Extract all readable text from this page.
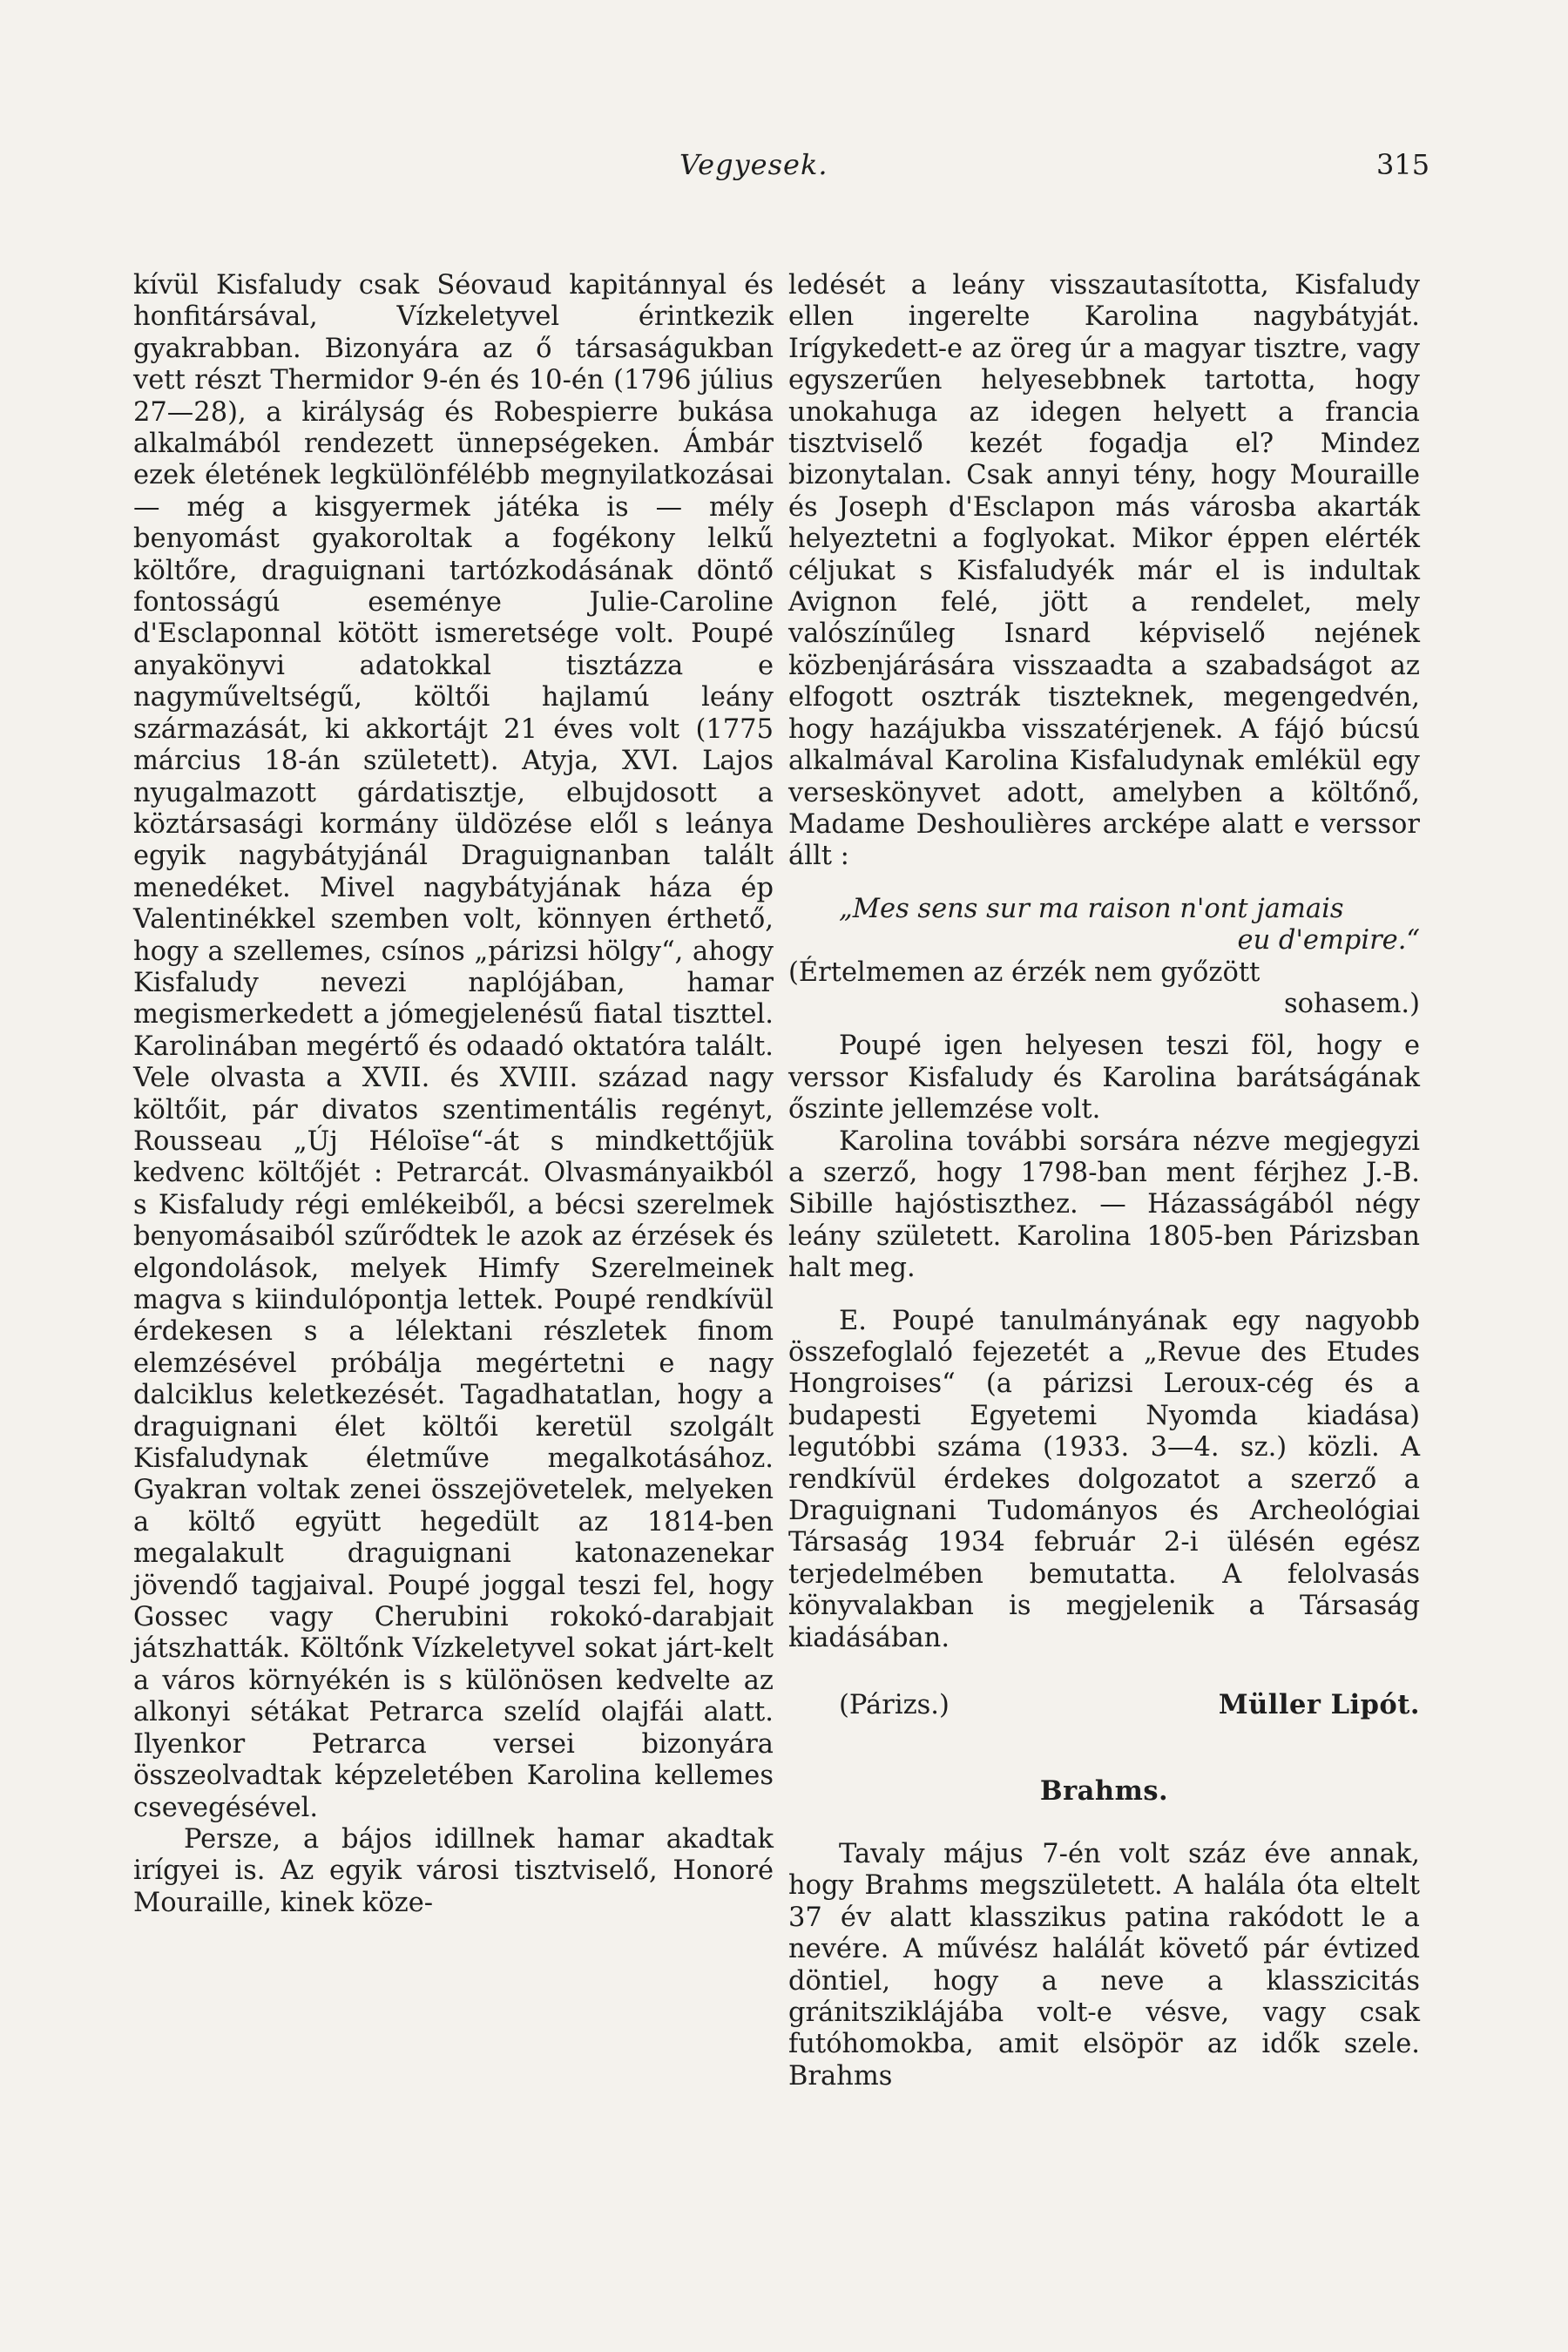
Vegyesek.	315

kívül Kisfaludy csak Séovaud kapitánnyal és honfitársával, Vízkeletyvel érintkezik gyakrabban. Bizonyára az ő társaságukban vett részt Thermidor 9-én és 10-én (1796 július 27—28), a királyság és Robespierre bukása alkalmából rendezett ünnepségeken. Ámbár ezek életének legkülönfélébb megnyilatkozásai — még a kisgyermek játéka is — mély benyomást gyakoroltak a fogékony lelkű költőre, draguignani tartózkodásának döntő fontosságú eseménye Julie-Caroline d'Esclaponnal kötött ismeretsége volt. Poupé anyakönyvi adatokkal tisztázza e nagyműveltségű, költői hajlamú leány származását, ki akkortájt 21 éves volt (1775 március 18-án született). Atyja, XVI. Lajos nyugalmazott gárdatisztje, elbujdosott a köztársasági kormány üldözése elől s leánya egyik nagybátyjánál Draguignanban talált menedéket. Mivel nagybátyjának háza ép Valentinékkel szemben volt, könnyen érthető, hogy a szellemes, csínos „párizsi hölgy“, ahogy Kisfaludy nevezi naplójában, hamar megismerkedett a jómegjelenésű fiatal tiszttel. Karolinában megértő és odaadó oktatóra talált. Vele olvasta a XVII. és XVIII. század nagy költőit, pár divatos szentimentális regényt, Rousseau „Új Héloïse“-át s mindkettőjük kedvenc költőjét : Petrarcát. Olvasmányaikból s Kisfaludy régi emlékeiből, a bécsi szerelmek benyomásaiból szűrődtek le azok az érzések és elgondolások, melyek Himfy Szerelmeinek magva s kiindulópontja lettek. Poupé rendkívül érdekesen s a lélektani részletek finom elemzésével próbálja megértetni e nagy dalciklus keletkezését. Tagadhatatlan, hogy a draguignani élet költői keretül szolgált Kisfaludynak életműve megalkotásához. Gyakran voltak zenei összejövetelek, melyeken a költő együtt hegedült az 1814-ben megalakult draguignani katonazenekar jövendő tagjaival. Poupé joggal teszi fel, hogy Gossec vagy Cherubini rokokó-darabjait játszhatták. Költőnk Vízkeletyvel sokat járt-kelt a város környékén is s különösen kedvelte az alkonyi sétákat Petrarca szelíd olajfái alatt. Ilyenkor Petrarca versei bizonyára összeolvadtak képzeletében Karolina kellemes csevegésével.

Persze, a bájos idillnek hamar akadtak irígyei is. Az egyik városi tisztviselő, Honoré Mouraille, kinek köze-

ledését a leány visszautasította, Kisfaludy ellen ingerelte Karolina nagybátyját. Irígykedett-e az öreg úr a magyar tisztre, vagy egyszerűen helyesebbnek tartotta, hogy unokahuga az idegen helyett a francia tisztviselő kezét fogadja el? Mindez bizonytalan. Csak annyi tény, hogy Mouraille és Joseph d'Esclapon más városba akarták helyeztetni a foglyokat. Mikor éppen elérték céljukat s Kisfaludyék már el is indultak Avignon felé, jött a rendelet, mely valószínűleg Isnard képviselő nejének közbenjárására visszaadta a szabadságot az elfogott osztrák tiszteknek, megengedvén, hogy hazájukba visszatérjenek. A fájó búcsú alkalmával Karolina Kisfaludynak emlékül egy verseskönyvet adott, amelyben a költőnő, Madame Deshoulières arcképe alatt e verssor állt :

„Mes sens sur ma raison n'ont jamais
eu d'empire.“
(Értelmemen az érzék nem győzött
sohasem.)

Poupé igen helyesen teszi föl, hogy e verssor Kisfaludy és Karolina barátságának őszinte jellemzése volt.

Karolina további sorsára nézve megjegyzi a szerző, hogy 1798-ban ment férjhez J.-B. Sibille hajóstiszthez. — Házasságából négy leány született. Karolina 1805-ben Párizsban halt meg.

E. Poupé tanulmányának egy nagyobb összefoglaló fejezetét a „Revue des Etudes Hongroises“ (a párizsi Leroux-cég és a budapesti Egyetemi Nyomda kiadása) legutóbbi száma (1933. 3—4. sz.) közli. A rendkívül érdekes dolgozatot a szerző a Draguignani Tudományos és Archeológiai Társaság 1934 február 2-i ülésén egész terjedelmében bemutatta. A felolvasás könyvalakban is megjelenik a Társaság kiadásában.

(Párizs.)	Müller Lipót.
Brahms.

Tavaly május 7-én volt száz éve annak, hogy Brahms megszületett. A halála óta eltelt 37 év alatt klasszikus patina rakódott le a nevére. A művész halálát követő pár évtized döntiel, hogy a neve a klasszicitás gránitsziklájába volt-e vésve, vagy csak futóhomokba, amit elsöpör az idők szele. Brahms
